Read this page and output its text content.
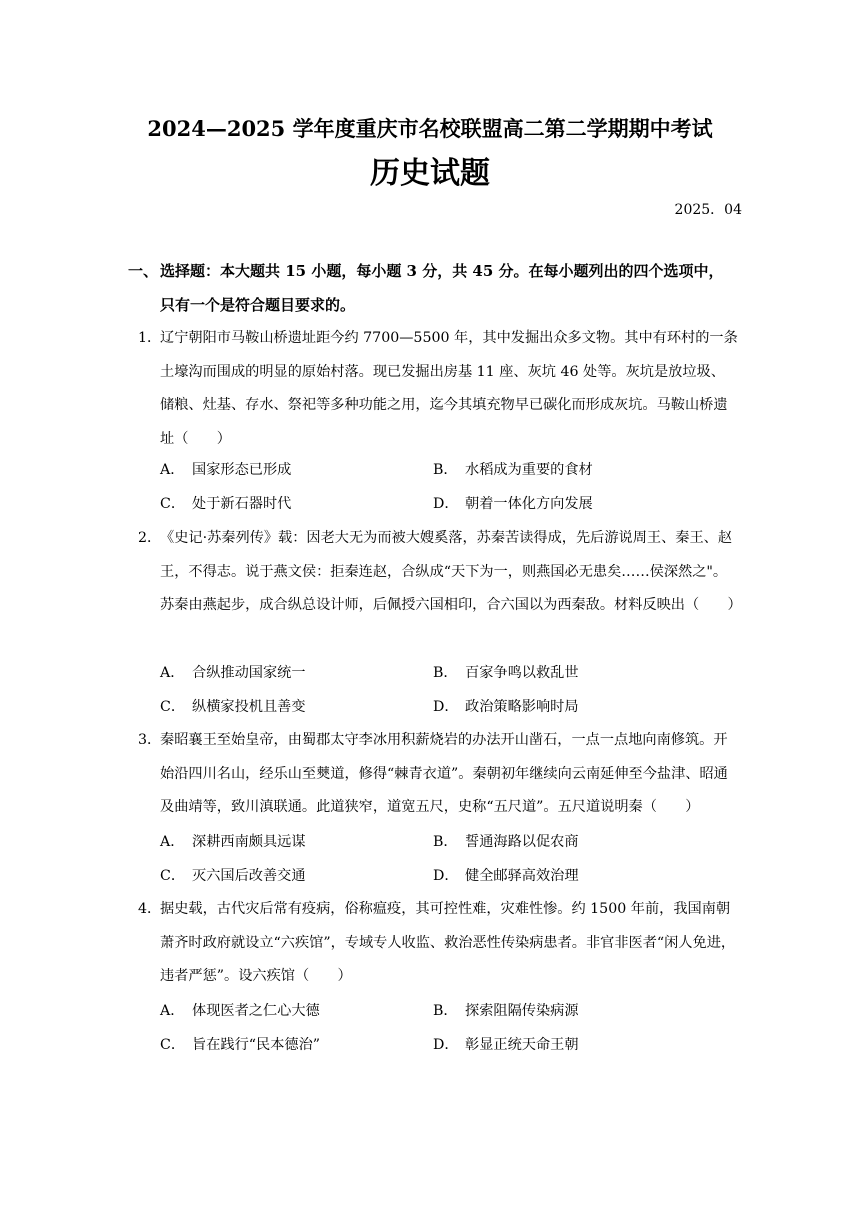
2024—2025 学年度重庆市名校联盟高二第二学期期中考试
历史试题
2025．04
一、 选择题：本大题共 15 小题，每小题 3 分，共 45 分。在每小题列出的四个选项中，只有一个是符合题目要求的。
1．
辽宁朝阳市马鞍山桥遗址距今约 7700—5500 年，其中发掘出众多文物。其中有环村的一条土壕沟而围成的明显的原始村落。现已发掘出房基 11 座、灰坑 46 处等。灰坑是放垃圾、储粮、灶基、存水、祭祀等多种功能之用，迄今其填充物早已碳化而形成灰坑。马鞍山桥遗址（　　）
A． 国家形态已形成	B． 水稻成为重要的食材
C． 处于新石器时代	D． 朝着一体化方向发展
2．
《史记·苏秦列传》载：因老大无为而被大嫂奚落，苏秦苦读得成，先后游说周王、秦王、赵王，不得志。说于燕文侯：拒秦连赵，合纵成“天下为一，则燕国必无患矣……侯深然之"。苏秦由燕起步，成合纵总设计师，后佩授六国相印，合六国以为西秦敌。材料反映出（　　）
A． 合纵推动国家统一	B． 百家争鸣以救乱世
C． 纵横家投机且善变	D． 政治策略影响时局
3．
秦昭襄王至始皇帝，由蜀郡太守李冰用积薪烧岩的办法开山凿石，一点一点地向南修筑。开始沿四川名山，经乐山至僰道，修得“棘青衣道”。秦朝初年继续向云南延伸至今盐津、昭通及曲靖等，致川滇联通。此道狭窄，道宽五尺，史称“五尺道”。五尺道说明秦（　　）
A． 深耕西南颇具远谋	B． 誓通海路以促农商
C． 灭六国后改善交通	D． 健全邮驿高效治理
4．
据史载，古代灾后常有疫病，俗称瘟疫，其可控性难，灾难性惨。约 1500 年前，我国南朝萧齐时政府就设立“六疾馆”，专域专人收监、救治恶性传染病患者。非官非医者“闲人免进，违者严惩”。设六疾馆（　　）
A． 体现医者之仁心大德	B． 探索阻隔传染病源
C． 旨在践行“民本德治”	D． 彰显正统天命王朝
